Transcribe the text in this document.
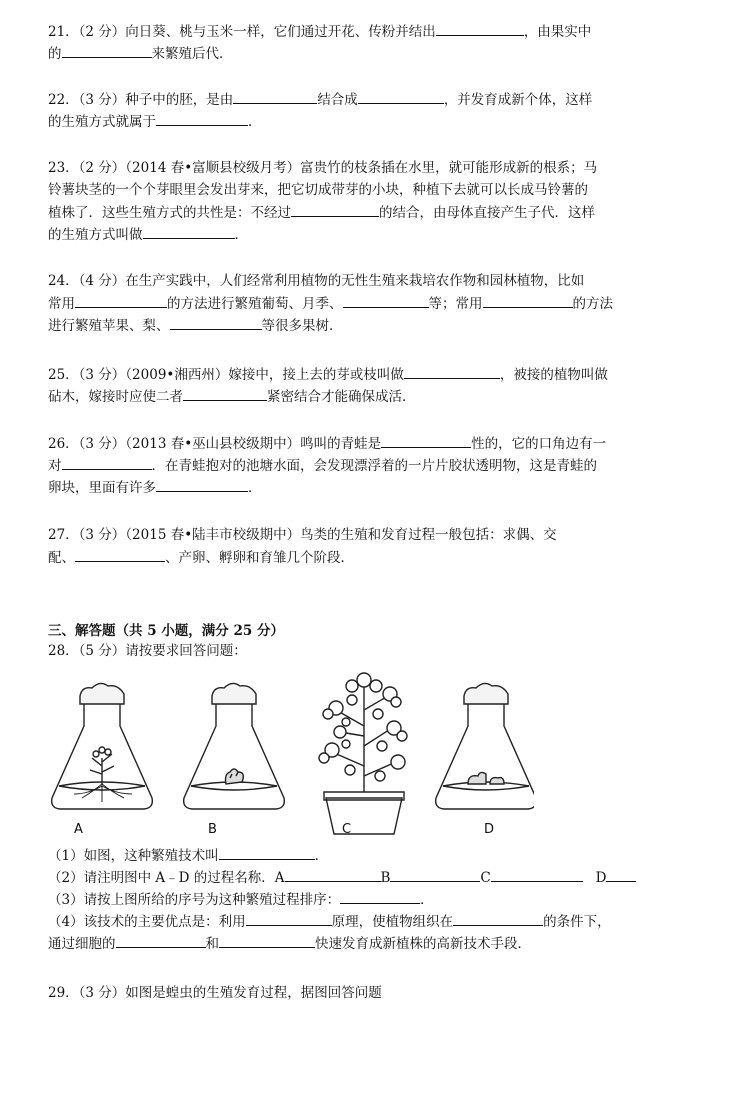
21．（2 分）向日葵、桃与玉米一样，它们通过开花、传粉并结出	，由果实中
的	来繁殖后代．
22．（3 分）种子中的胚，是由	结合成	，并发育成新个体，这样
的生殖方式就属于	．
23．（2 分）（2014 春•富顺县校级月考）富贵竹的枝条插在水里，就可能形成新的根系；马
铃薯块茎的一个个芽眼里会发出芽来，把它切成带芽的小块，种植下去就可以长成马铃薯的
植株了．这些生殖方式的共性是：不经过	的结合，由母体直接产生子代．这样
的生殖方式叫做	．
24．（4 分）在生产实践中，人们经常利用植物的无性生殖来栽培农作物和园林植物，比如
常用	的方法进行繁殖葡萄、月季、	等；常用	的方法
进行繁殖苹果、梨、	等很多果树．
25．（3 分）（2009•湘西州）嫁接中，接上去的芽或枝叫做	，被接的植物叫做
砧木，嫁接时应使二者	紧密结合才能确保成活．
26．（3 分）（2013 春•巫山县校级期中）鸣叫的青蛙是	性的，它的口角边有一
对	．在青蛙抱对的池塘水面，会发现漂浮着的一片片胶状透明物，这是青蛙的
卵块，里面有许多	．
27．（3 分）（2015 春•陆丰市校级期中）鸟类的生殖和发育过程一般包括：求偶、交
配、	、产卵、孵卵和育雏几个阶段．
三、解答题（共 5 小题，满分 25 分）
28．（5 分）请按要求回答问题：
A	B	C	D
（1）如图，这种繁殖技术叫	．
（2）请注明图中 A﹣D 的过程名称．A	B	C	D
（3）请按上图所给的序号为这种繁殖过程排序：	．
（4）该技术的主要优点是：利用	原理，使植物组织在	的条件下，
通过细胞的	和	快速发育成新植株的高新技术手段．
29．（3 分）如图是蝗虫的生殖发育过程，据图回答问题
